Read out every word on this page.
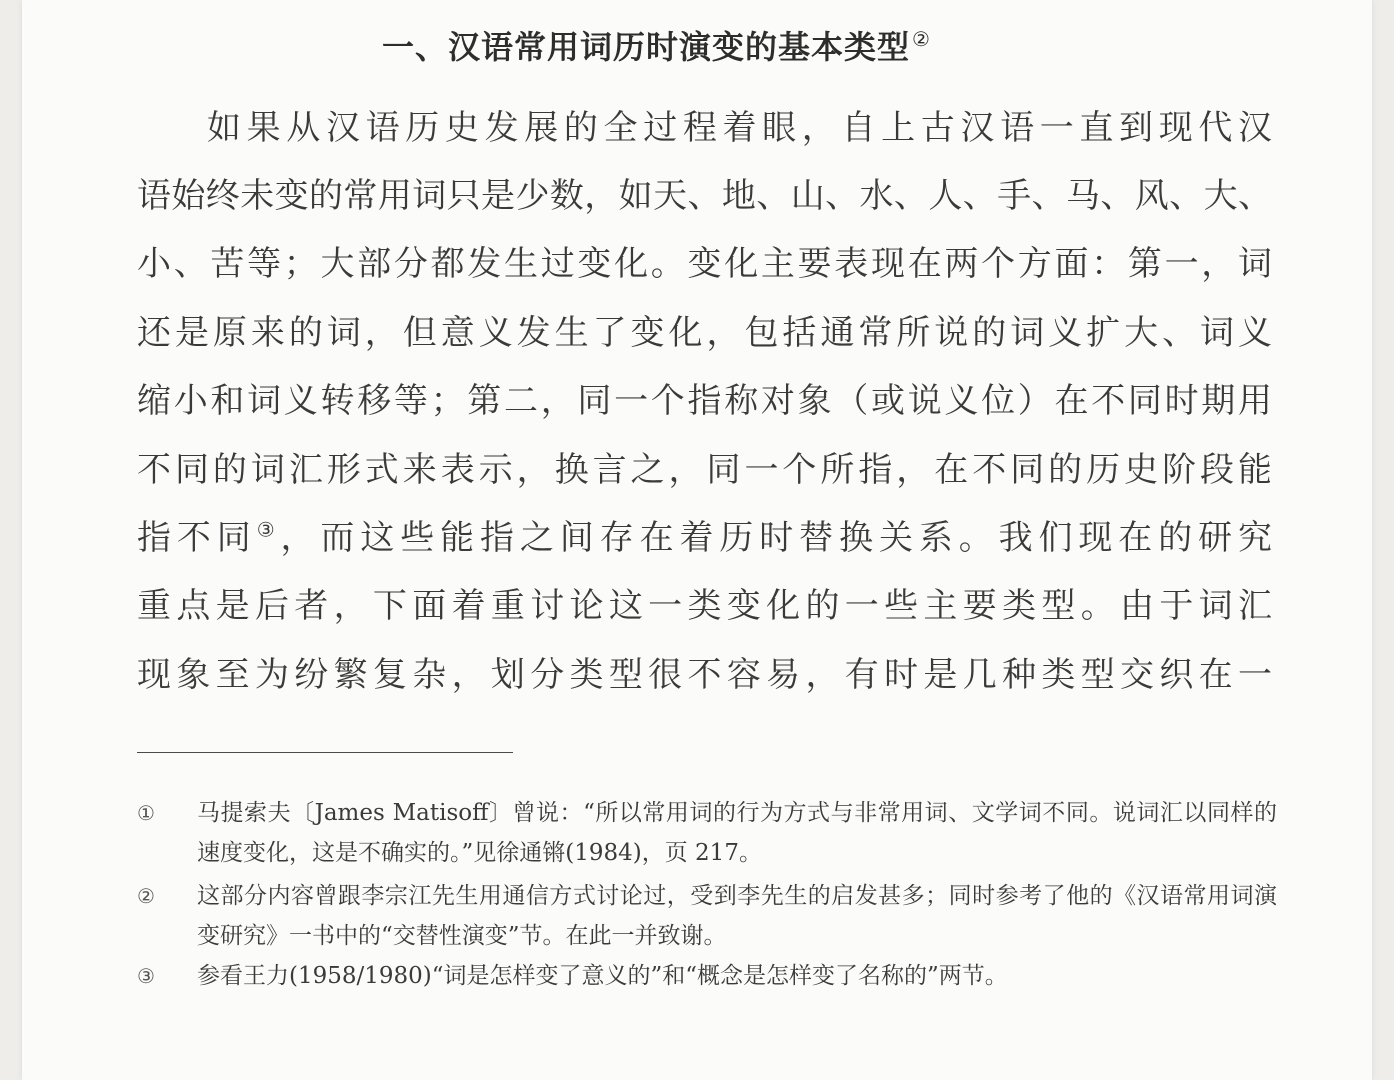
一、汉语常用词历时演变的基本类型 ②
如果从汉语历史发展的全过程着眼，自上古汉语一直到现代汉
语始终未变的常用词只是少数，如天、地、山、水、人、手、马、风、大、
小、苦等；大部分都发生过变化。变化主要表现在两个方面：第一，词
还是原来的词，但意义发生了变化，包括通常所说的词义扩大、词义
缩小和词义转移等；第二，同一个指称对象（或说义位）在不同时期用
不同的词汇形式来表示，换言之，同一个所指，在不同的历史阶段能
指不同③，而这些能指之间存在着历时替换关系。我们现在的研究
重点是后者，下面着重讨论这一类变化的一些主要类型。由于词汇
现象至为纷繁复杂，划分类型很不容易，有时是几种类型交织在一
①	马提索夫〔James Matisoff〕曾说：“所以常用词的行为方式与非常用词、文学词不同。说词汇以同样的速度变化，这是不确实的。”见徐通锵(1984)，页 217。
②	这部分内容曾跟李宗江先生用通信方式讨论过，受到李先生的启发甚多；同时参考了他的《汉语常用词演变研究》一书中的“交替性演变”节。在此一并致谢。
③	参看王力(1958/1980)“词是怎样变了意义的”和“概念是怎样变了名称的”两节。
